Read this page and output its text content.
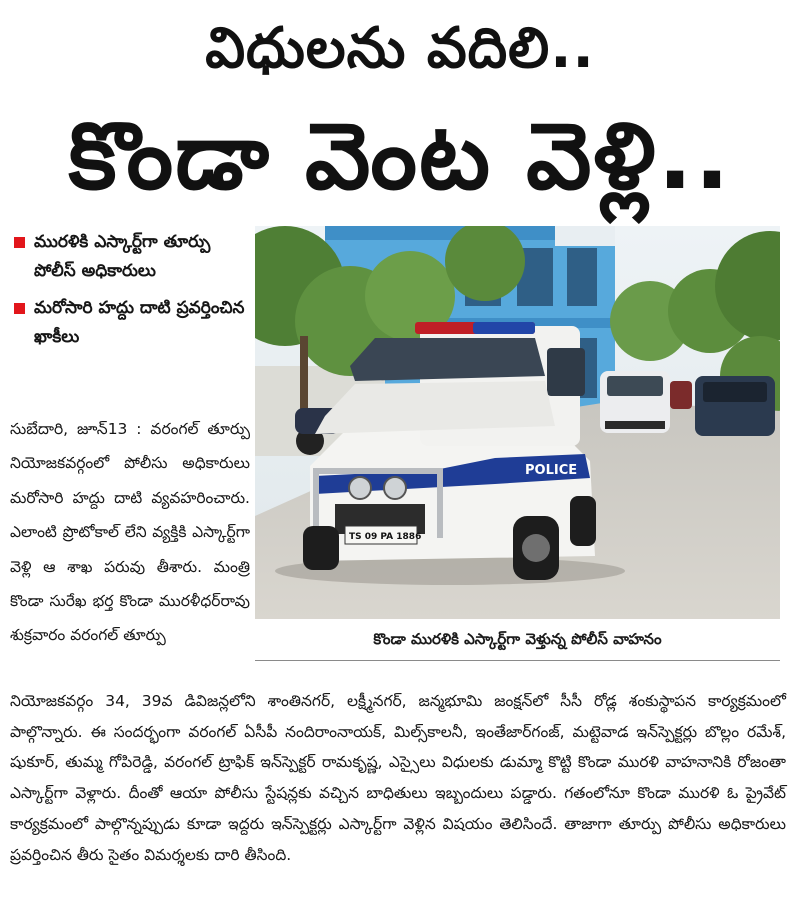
విధులను వదిలి..
కొండా వెంట వెళ్లి..
మురళికి ఎస్కార్ట్‌గా తూర్పు పోలీస్ అధికారులు
మరోసారి హద్దు దాటి ప్రవర్తించిన ఖాకీలు
సుబేదారి, జూన్13 : వరంగల్ తూర్పు నియోజకవర్గంలో పోలీసు అధికారులు మరోసారి హద్దు దాటి వ్యవహరించారు. ఎలాంటి ప్రొటోకాల్ లేని వ్యక్తికి ఎస్కార్ట్‌గా వెళ్లి ఆ శాఖ పరువు తీశారు. మంత్రి కొండా సురేఖ భర్త కొండా మురళీధర్‌రావు శుక్రవారం వరంగల్ తూర్పు
POLICE
TS 09 PA 1886
కొండా మురళికి ఎస్కార్ట్‌గా వెళ్తున్న పోలీస్ వాహనం
నియోజకవర్గం 34, 39వ డివిజన్లలోని శాంతినగర్, లక్ష్మీనగర్, జన్మభూమి జంక్షన్‌లో సీసీ రోడ్ల శంకుస్థాపన కార్యక్రమంలో పాల్గొన్నారు. ఈ సందర్భంగా వరంగల్ ఏసీపీ నందిరాంనాయక్, మిల్స్‌కాలనీ, ఇంతేజార్‌గంజ్, మట్టెవాడ ఇన్‌స్పెక్టర్లు బొల్లం రమేశ్, షుకూర్, తుమ్మ గోపిరెడ్డి, వరంగల్ ట్రాఫిక్ ఇన్‌స్పెక్టర్ రామకృష్ణ, ఎస్సైలు విధులకు డుమ్మా కొట్టి కొండా మురళి వాహనానికి రోజంతా ఎస్కార్ట్‌గా వెళ్లారు. దీంతో ఆయా పోలీసు స్టేషన్లకు వచ్చిన బాధితులు ఇబ్బందులు పడ్డారు. గతంలోనూ కొండా మురళి ఓ ప్రైవేట్ కార్యక్రమంలో పాల్గొన్నప్పుడు కూడా ఇద్దరు ఇన్‌స్పెక్టర్లు ఎస్కార్ట్‌గా వెళ్లిన విషయం తెలిసిందే. తాజాగా తూర్పు పోలీసు అధికారులు ప్రవర్తించిన తీరు సైతం విమర్శలకు దారి తీసింది.
